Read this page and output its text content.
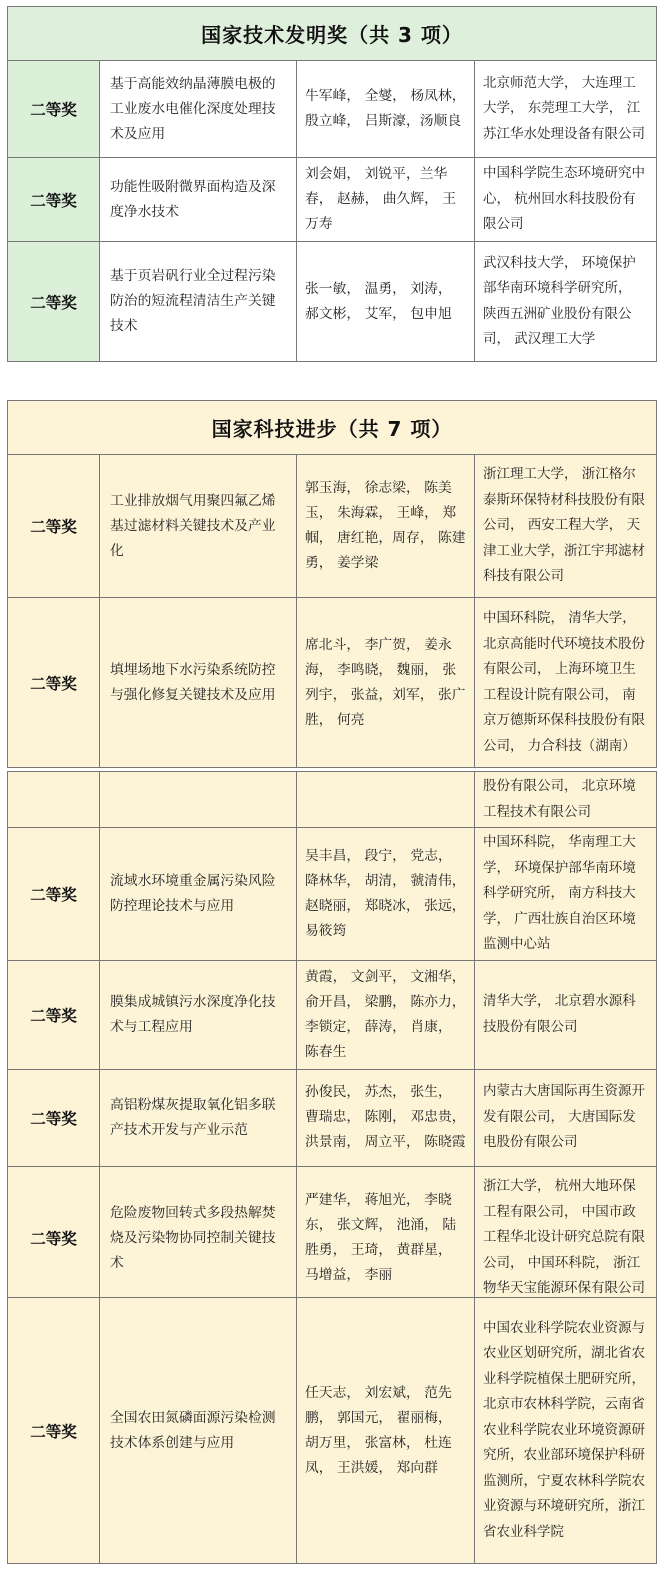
国家技术发明奖（共 3 项）			
二等奖	基于高能效纳晶薄膜电极的工业废水电催化深度处理技术及应用	牛军峰， 全燮， 杨凤林，殷立峰， 吕斯濠，汤顺良	北京师范大学， 大连理工大学， 东莞理工大学， 江苏江华水处理设备有限公司
二等奖	功能性吸附微界面构造及深度净水技术	刘会娟， 刘锐平，兰华春， 赵赫， 曲久辉， 王万寿	中国科学院生态环境研究中心， 杭州回水科技股份有限公司
二等奖	基于页岩矾行业全过程污染防治的短流程清洁生产关键技术	张一敏， 温勇， 刘涛， 郝文彬， 艾军， 包申旭	武汉科技大学， 环境保护部华南环境科学研究所， 陕西五洲矿业股份有限公司， 武汉理工大学
国家科技进步（共 7 项）			
二等奖	工业排放烟气用聚四氟乙烯基过滤材料关键技术及产业化	郭玉海， 徐志梁， 陈美玉， 朱海霖， 王峰， 郑帼， 唐红艳，周存， 陈建勇， 姜学梁	浙江理工大学， 浙江格尔泰斯环保特材科技股份有限公司， 西安工程大学， 天津工业大学，浙江宇邦滤材科技有限公司
二等奖	填埋场地下水污染系统防控与强化修复关键技术及应用	席北斗， 李广贺， 姜永海， 李鸣晓， 魏丽， 张列宇， 张益，刘军， 张广胜， 何亮	中国环科院， 清华大学， 北京高能时代环境技术股份有限公司， 上海环境卫生工程设计院有限公司， 南京万德斯环保科技股份有限公司， 力合科技（湖南）
			股份有限公司， 北京环境工程技术有限公司
二等奖	流域水环境重金属污染风险防控理论技术与应用	吴丰昌， 段宁， 党志， 降林华， 胡清， 虢清伟， 赵晓丽， 郑晓冰， 张远， 易筱筠	中国环科院， 华南理工大学， 环境保护部华南环境科学研究所， 南方科技大学， 广西壮族自治区环境监测中心站
二等奖	膜集成城镇污水深度净化技术与工程应用	黄霞， 文剑平， 文湘华， 俞开昌， 梁鹏， 陈亦力， 李锁定， 薛涛， 肖康， 陈春生	清华大学， 北京碧水源科技股份有限公司
二等奖	高铝粉煤灰提取氧化铝多联产技术开发与产业示范	孙俊民， 苏杰， 张生， 曹瑞忠， 陈刚， 邓忠贵， 洪景南， 周立平， 陈晓霞	内蒙古大唐国际再生资源开发有限公司， 大唐国际发电股份有限公司
二等奖	危险废物回转式多段热解焚烧及污染物协同控制关键技术	严建华， 蒋旭光， 李晓东， 张文辉， 池涌， 陆胜勇， 王琦， 黄群星， 马增益， 李丽	浙江大学， 杭州大地环保工程有限公司， 中国市政工程华北设计研究总院有限公司， 中国环科院， 浙江物华天宝能源环保有限公司
二等奖	全国农田氮磷面源污染检测技术体系创建与应用	任天志， 刘宏斌， 范先鹏， 郭国元， 翟丽梅， 胡万里， 张富林， 杜连凤， 王洪媛， 郑向群	中国农业科学院农业资源与农业区划研究所，湖北省农业科学院植保土肥研究所，北京市农林科学院，云南省农业科学院农业环境资源研究所，农业部环境保护科研监测所，宁夏农林科学院农业资源与环境研究所，浙江省农业科学院
